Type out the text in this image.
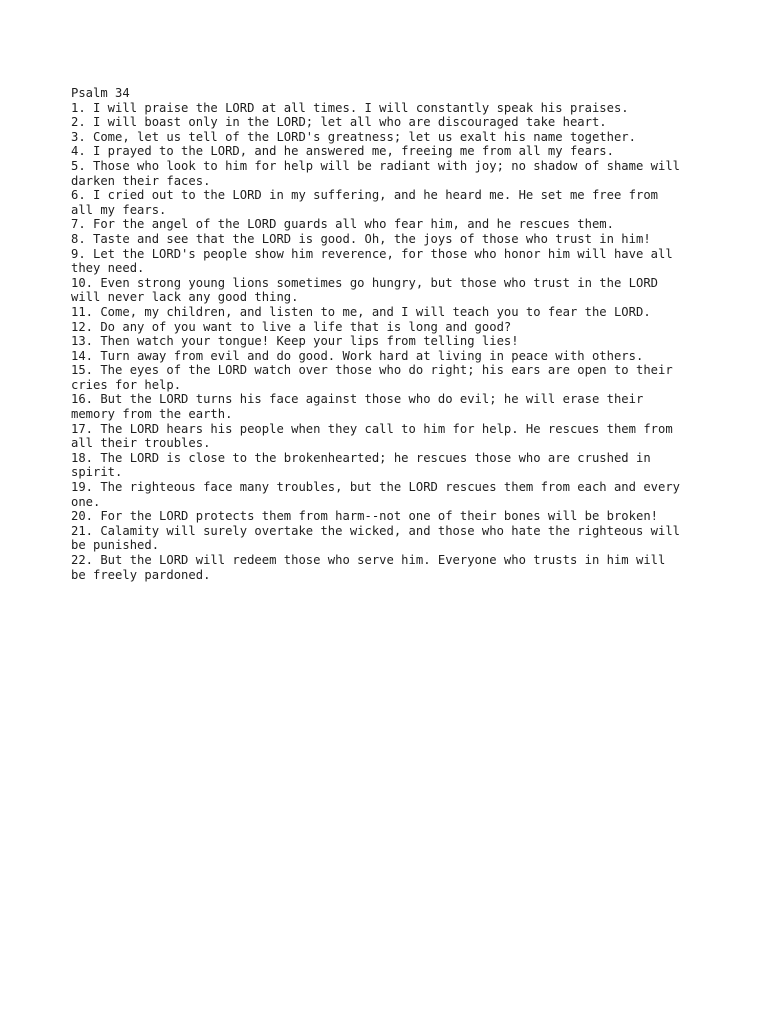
Psalm 34
1. I will praise the LORD at all times. I will constantly speak his praises.
2. I will boast only in the LORD; let all who are discouraged take heart.
3. Come, let us tell of the LORD's greatness; let us exalt his name together.
4. I prayed to the LORD, and he answered me, freeing me from all my fears.
5. Those who look to him for help will be radiant with joy; no shadow of shame will
darken their faces.
6. I cried out to the LORD in my suffering, and he heard me. He set me free from
all my fears.
7. For the angel of the LORD guards all who fear him, and he rescues them.
8. Taste and see that the LORD is good. Oh, the joys of those who trust in him!
9. Let the LORD's people show him reverence, for those who honor him will have all
they need.
10. Even strong young lions sometimes go hungry, but those who trust in the LORD
will never lack any good thing.
11. Come, my children, and listen to me, and I will teach you to fear the LORD.
12. Do any of you want to live a life that is long and good?
13. Then watch your tongue! Keep your lips from telling lies!
14. Turn away from evil and do good. Work hard at living in peace with others.
15. The eyes of the LORD watch over those who do right; his ears are open to their
cries for help.
16. But the LORD turns his face against those who do evil; he will erase their
memory from the earth.
17. The LORD hears his people when they call to him for help. He rescues them from
all their troubles.
18. The LORD is close to the brokenhearted; he rescues those who are crushed in
spirit.
19. The righteous face many troubles, but the LORD rescues them from each and every
one.
20. For the LORD protects them from harm--not one of their bones will be broken!
21. Calamity will surely overtake the wicked, and those who hate the righteous will
be punished.
22. But the LORD will redeem those who serve him. Everyone who trusts in him will
be freely pardoned.
